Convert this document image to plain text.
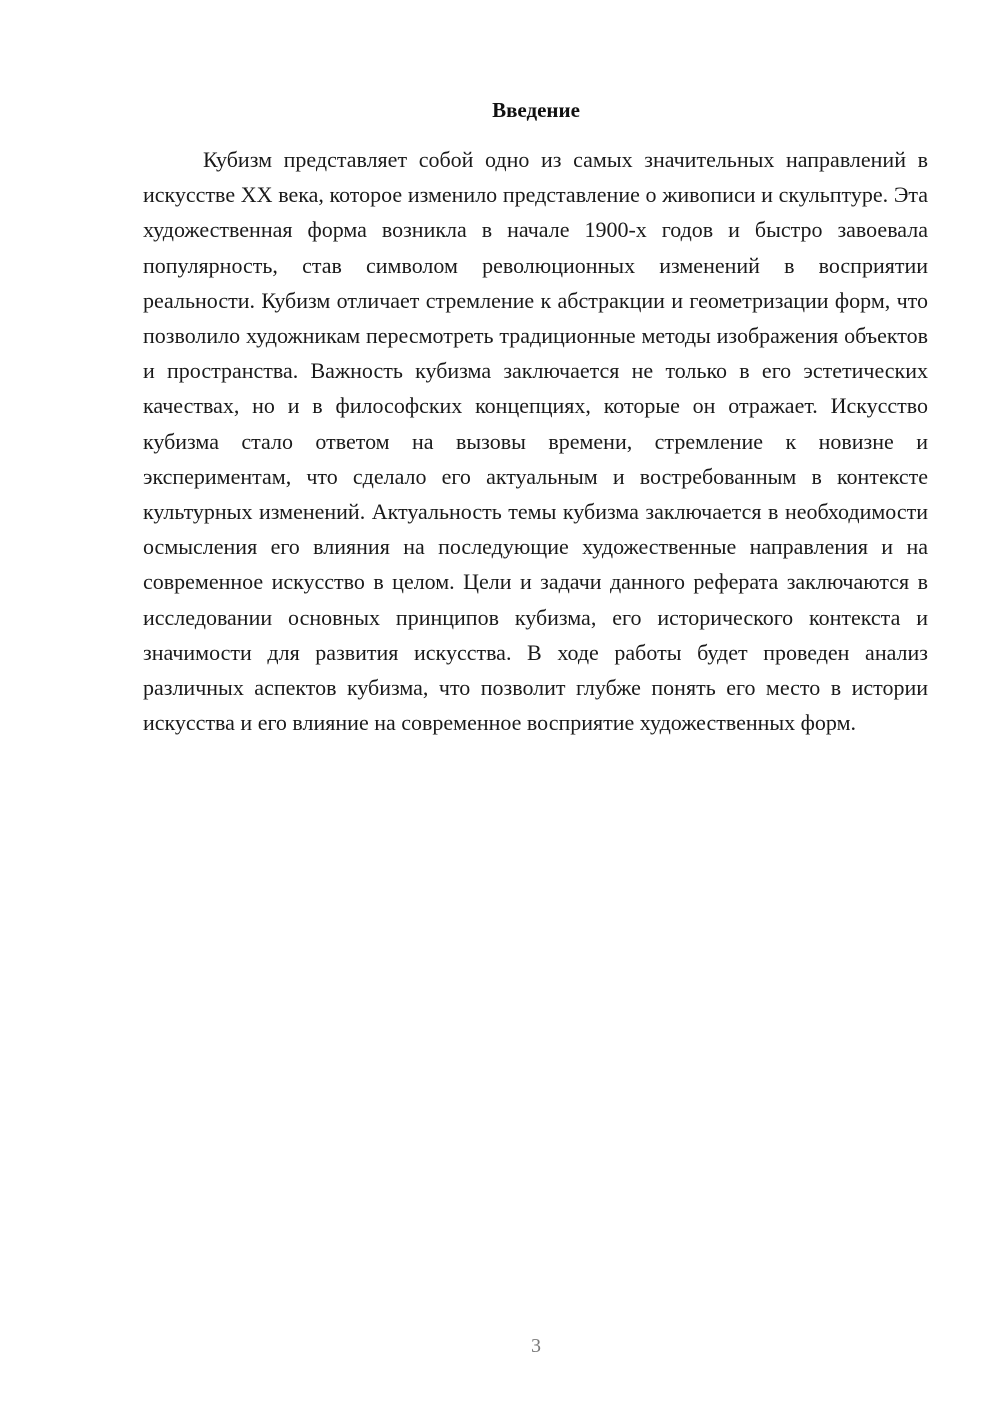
Введение

Кубизм представляет собой одно из самых значительных направлений в искусстве XX века, которое изменило представление о живописи и скульптуре. Эта художественная форма возникла в начале 1900-х годов и быстро завоевала популярность, став символом революционных изменений в восприятии реальности. Кубизм отличает стремление к абстракции и геометризации форм, что позволило художникам пересмотреть традиционные методы изображения объектов и пространства. Важность кубизма заключается не только в его эстетических качествах, но и в философских концепциях, которые он отражает. Искусство кубизма стало ответом на вызовы времени, стремление к новизне и экспериментам, что сделало его актуальным и востребованным в контексте культурных изменений. Актуальность темы кубизма заключается в необходимости осмысления его влияния на последующие художественные направления и на современное искусство в целом. Цели и задачи данного реферата заключаются в исследовании основных принципов кубизма, его исторического контекста и значимости для развития искусства. В ходе работы будет проведен анализ различных аспектов кубизма, что позволит глубже понять его место в истории искусства и его влияние на современное восприятие художественных форм.

3
